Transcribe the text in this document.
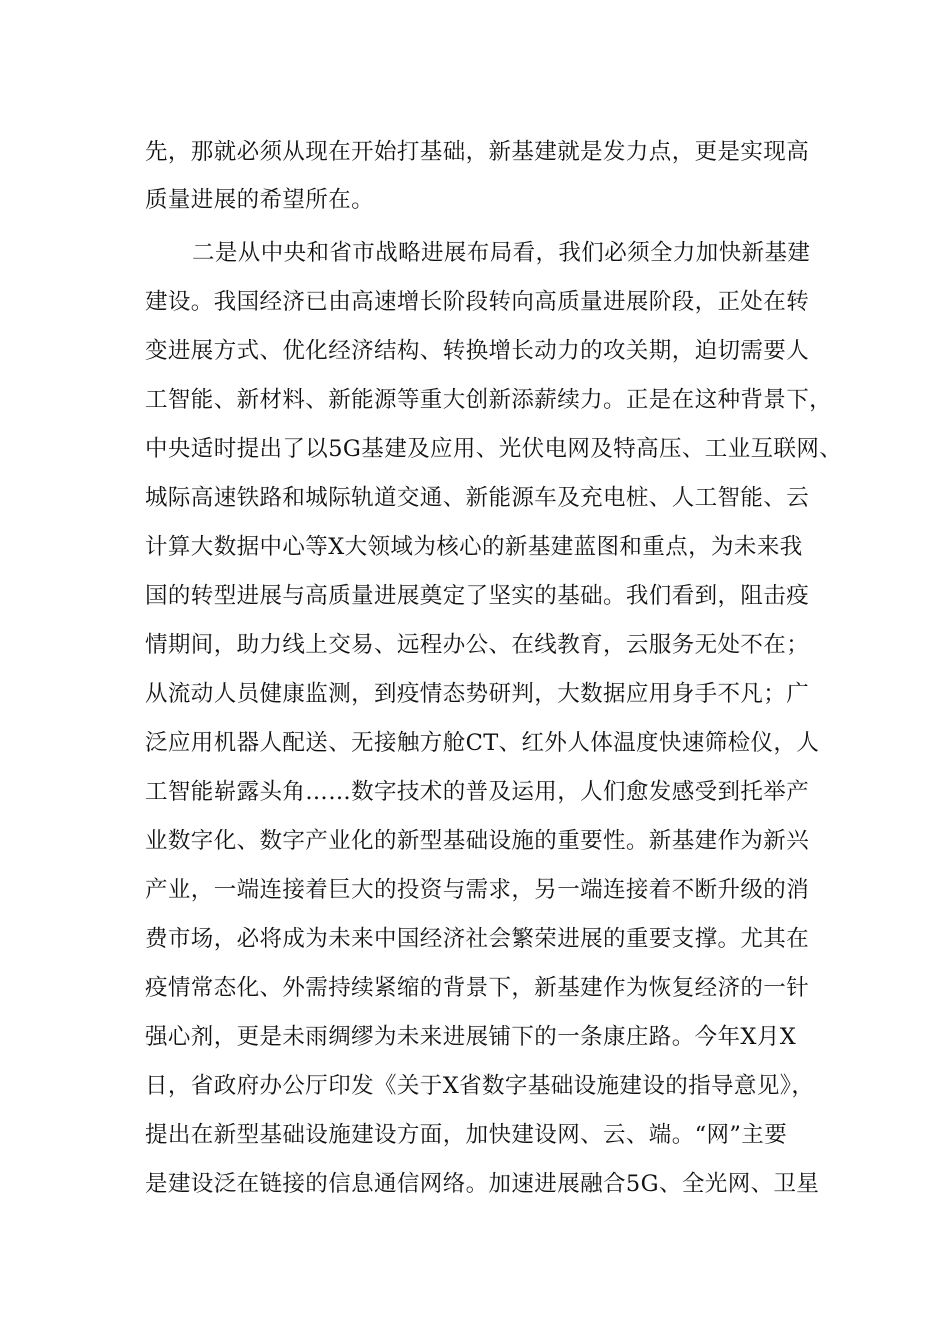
先，那就必须从现在开始打基础，新基建就是发力点，更是实现高
质量进展的希望所在。
二是从中央和省市战略进展布局看，我们必须全力加快新基建
建设。我国经济已由高速增长阶段转向高质量进展阶段，正处在转
变进展方式、优化经济结构、转换增长动力的攻关期，迫切需要人
工智能、新材料、新能源等重大创新添薪续力。正是在这种背景下，
中央适时提出了以5G基建及应用、光伏电网及特高压、工业互联网、
城际高速铁路和城际轨道交通、新能源车及充电桩、人工智能、云
计算大数据中心等X大领域为核心的新基建蓝图和重点，为未来我
国的转型进展与高质量进展奠定了坚实的基础。我们看到，阻击疫
情期间，助力线上交易、远程办公、在线教育，云服务无处不在；
从流动人员健康监测，到疫情态势研判，大数据应用身手不凡；广
泛应用机器人配送、无接触方舱CT、红外人体温度快速筛检仪，人
工智能崭露头角……数字技术的普及运用，人们愈发感受到托举产
业数字化、数字产业化的新型基础设施的重要性。新基建作为新兴
产业，一端连接着巨大的投资与需求，另一端连接着不断升级的消
费市场，必将成为未来中国经济社会繁荣进展的重要支撑。尤其在
疫情常态化、外需持续紧缩的背景下，新基建作为恢复经济的一针
强心剂，更是未雨绸缪为未来进展铺下的一条康庄路。今年X月X
日，省政府办公厅印发《关于X省数字基础设施建设的指导意见》，
提出在新型基础设施建设方面，加快建设网、云、端。“网”主要
是建设泛在链接的信息通信网络。加速进展融合5G、全光网、卫星
